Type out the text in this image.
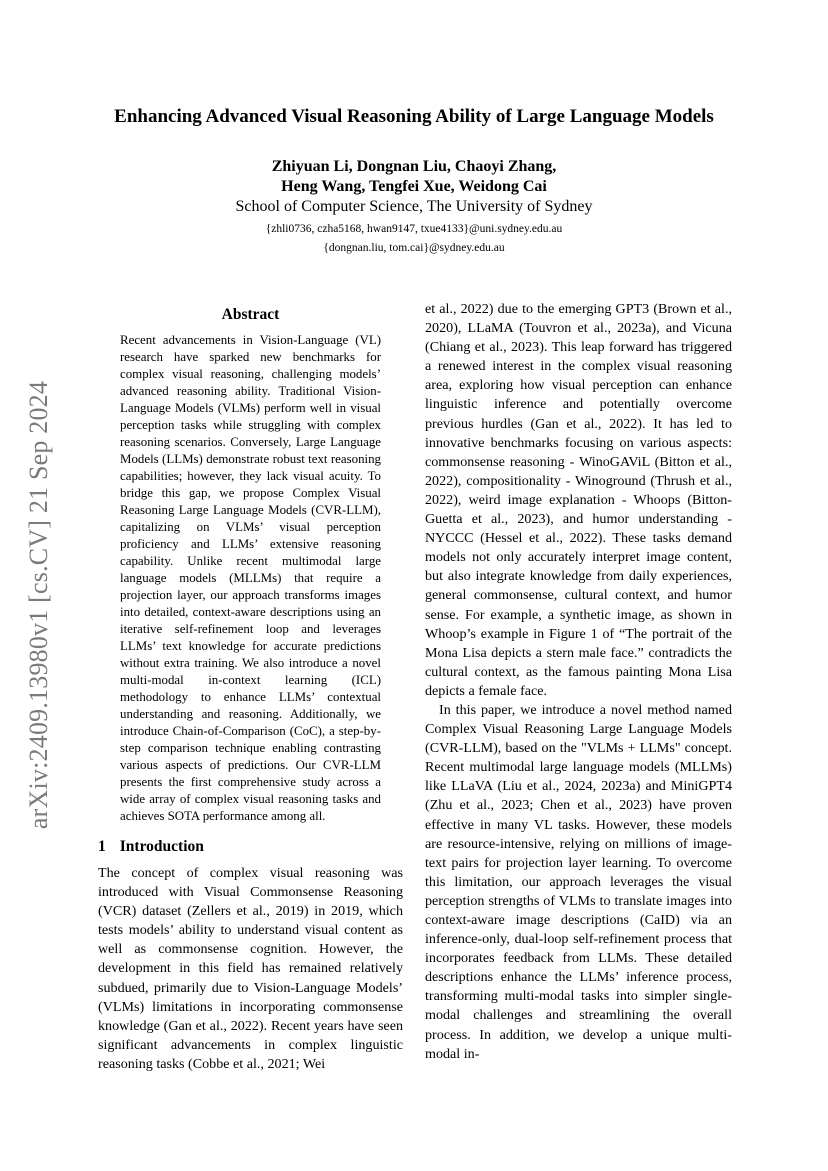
arXiv:2409.13980v1 [cs.CV] 21 Sep 2024
Enhancing Advanced Visual Reasoning Ability of Large Language Models
Zhiyuan Li, Dongnan Liu, Chaoyi Zhang,
Heng Wang, Tengfei Xue, Weidong Cai
School of Computer Science, The University of Sydney
{zhli0736, czha5168, hwan9147, txue4133}@uni.sydney.edu.au
{dongnan.liu, tom.cai}@sydney.edu.au
Abstract

Recent advancements in Vision-Language (VL) research have sparked new benchmarks for complex visual reasoning, challenging models’ advanced reasoning ability. Traditional Vision-Language Models (VLMs) perform well in visual perception tasks while struggling with complex reasoning scenarios. Conversely, Large Language Models (LLMs) demonstrate robust text reasoning capabilities; however, they lack visual acuity. To bridge this gap, we propose Complex Visual Reasoning Large Language Models (CVR-LLM), capitalizing on VLMs’ visual perception proficiency and LLMs’ extensive reasoning capability. Unlike recent multimodal large language models (MLLMs) that require a projection layer, our approach transforms images into detailed, context-aware descriptions using an iterative self-refinement loop and leverages LLMs’ text knowledge for accurate predictions without extra training. We also introduce a novel multi-modal in-context learning (ICL) methodology to enhance LLMs’ contextual understanding and reasoning. Additionally, we introduce Chain-of-Comparison (CoC), a step-by-step comparison technique enabling contrasting various aspects of predictions. Our CVR-LLM presents the first comprehensive study across a wide array of complex visual reasoning tasks and achieves SOTA performance among all.

1 Introduction

The concept of complex visual reasoning was introduced with Visual Commonsense Reasoning (VCR) dataset (Zellers et al., 2019) in 2019, which tests models’ ability to understand visual content as well as commonsense cognition. However, the development in this field has remained relatively subdued, primarily due to Vision-Language Models’ (VLMs) limitations in incorporating commonsense knowledge (Gan et al., 2022). Recent years have seen significant advancements in complex linguistic reasoning tasks (Cobbe et al., 2021; Wei

et al., 2022) due to the emerging GPT3 (Brown et al., 2020), LLaMA (Touvron et al., 2023a), and Vicuna (Chiang et al., 2023). This leap forward has triggered a renewed interest in the complex visual reasoning area, exploring how visual perception can enhance linguistic inference and potentially overcome previous hurdles (Gan et al., 2022). It has led to innovative benchmarks focusing on various aspects: commonsense reasoning - WinoGAViL (Bitton et al., 2022), compositionality - Winoground (Thrush et al., 2022), weird image explanation - Whoops (Bitton-Guetta et al., 2023), and humor understanding - NYCCC (Hessel et al., 2022). These tasks demand models not only accurately interpret image content, but also integrate knowledge from daily experiences, general commonsense, cultural context, and humor sense. For example, a synthetic image, as shown in Whoop’s example in Figure 1 of “The portrait of the Mona Lisa depicts a stern male face.” contradicts the cultural context, as the famous painting Mona Lisa depicts a female face.

In this paper, we introduce a novel method named Complex Visual Reasoning Large Language Models (CVR-LLM), based on the "VLMs + LLMs" concept. Recent multimodal large language models (MLLMs) like LLaVA (Liu et al., 2024, 2023a) and MiniGPT4 (Zhu et al., 2023; Chen et al., 2023) have proven effective in many VL tasks. However, these models are resource-intensive, relying on millions of image-text pairs for projection layer learning. To overcome this limitation, our approach leverages the visual perception strengths of VLMs to translate images into context-aware image descriptions (CaID) via an inference-only, dual-loop self-refinement process that incorporates feedback from LLMs. These detailed descriptions enhance the LLMs’ inference process, transforming multi-modal tasks into simpler single-modal challenges and streamlining the overall process. In addition, we develop a unique multi-modal in-
